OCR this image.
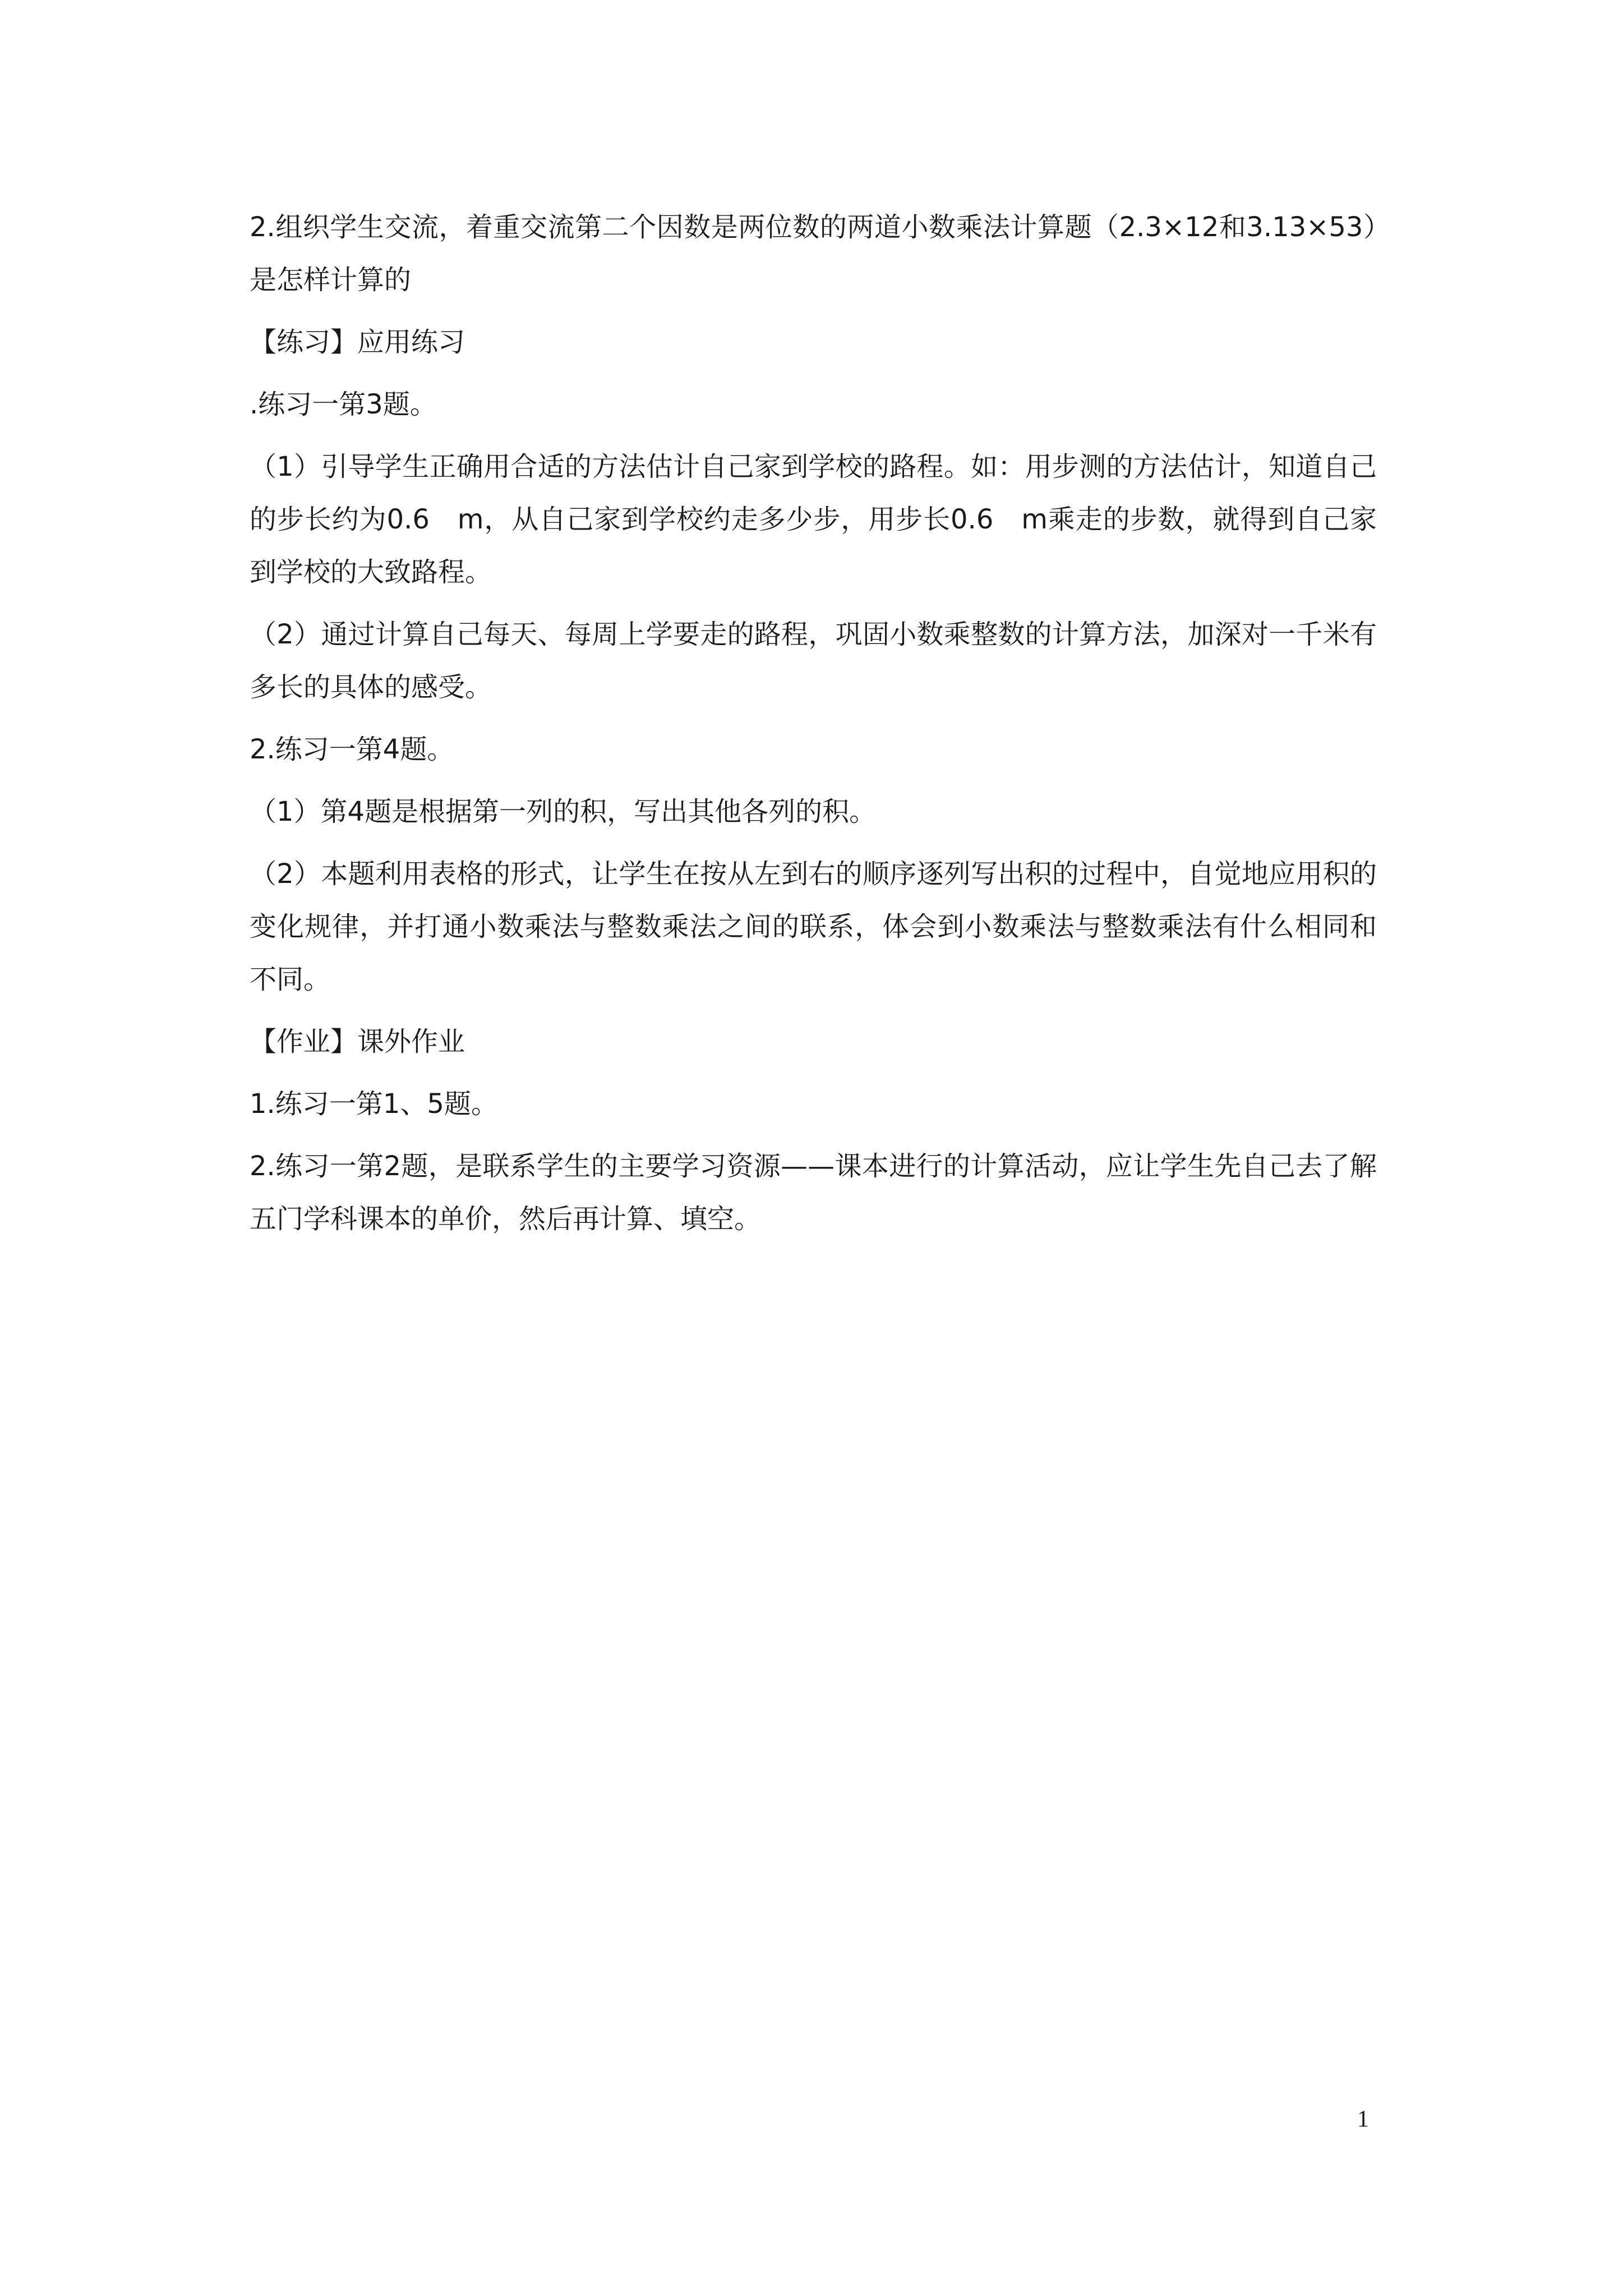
2.组织学生交流，着重交流第二个因数是两位数的两道小数乘法计算题（2.3×12和3.13×53）是怎样计算的

【练习】应用练习

.练习一第3题。

（1）引导学生正确用合适的方法估计自己家到学校的路程。如：用步测的方法估计，知道自己的步长约为0.6　m，从自己家到学校约走多少步，用步长0.6　m乘走的步数，就得到自己家到学校的大致路程。

（2）通过计算自己每天、每周上学要走的路程，巩固小数乘整数的计算方法，加深对一千米有多长的具体的感受。

2.练习一第4题。

（1）第4题是根据第一列的积，写出其他各列的积。

（2）本题利用表格的形式，让学生在按从左到右的顺序逐列写出积的过程中，自觉地应用积的变化规律，并打通小数乘法与整数乘法之间的联系，体会到小数乘法与整数乘法有什么相同和不同。

【作业】课外作业

1.练习一第1、5题。

2.练习一第2题，是联系学生的主要学习资源——课本进行的计算活动，应让学生先自己去了解五门学科课本的单价，然后再计算、填空。

1
